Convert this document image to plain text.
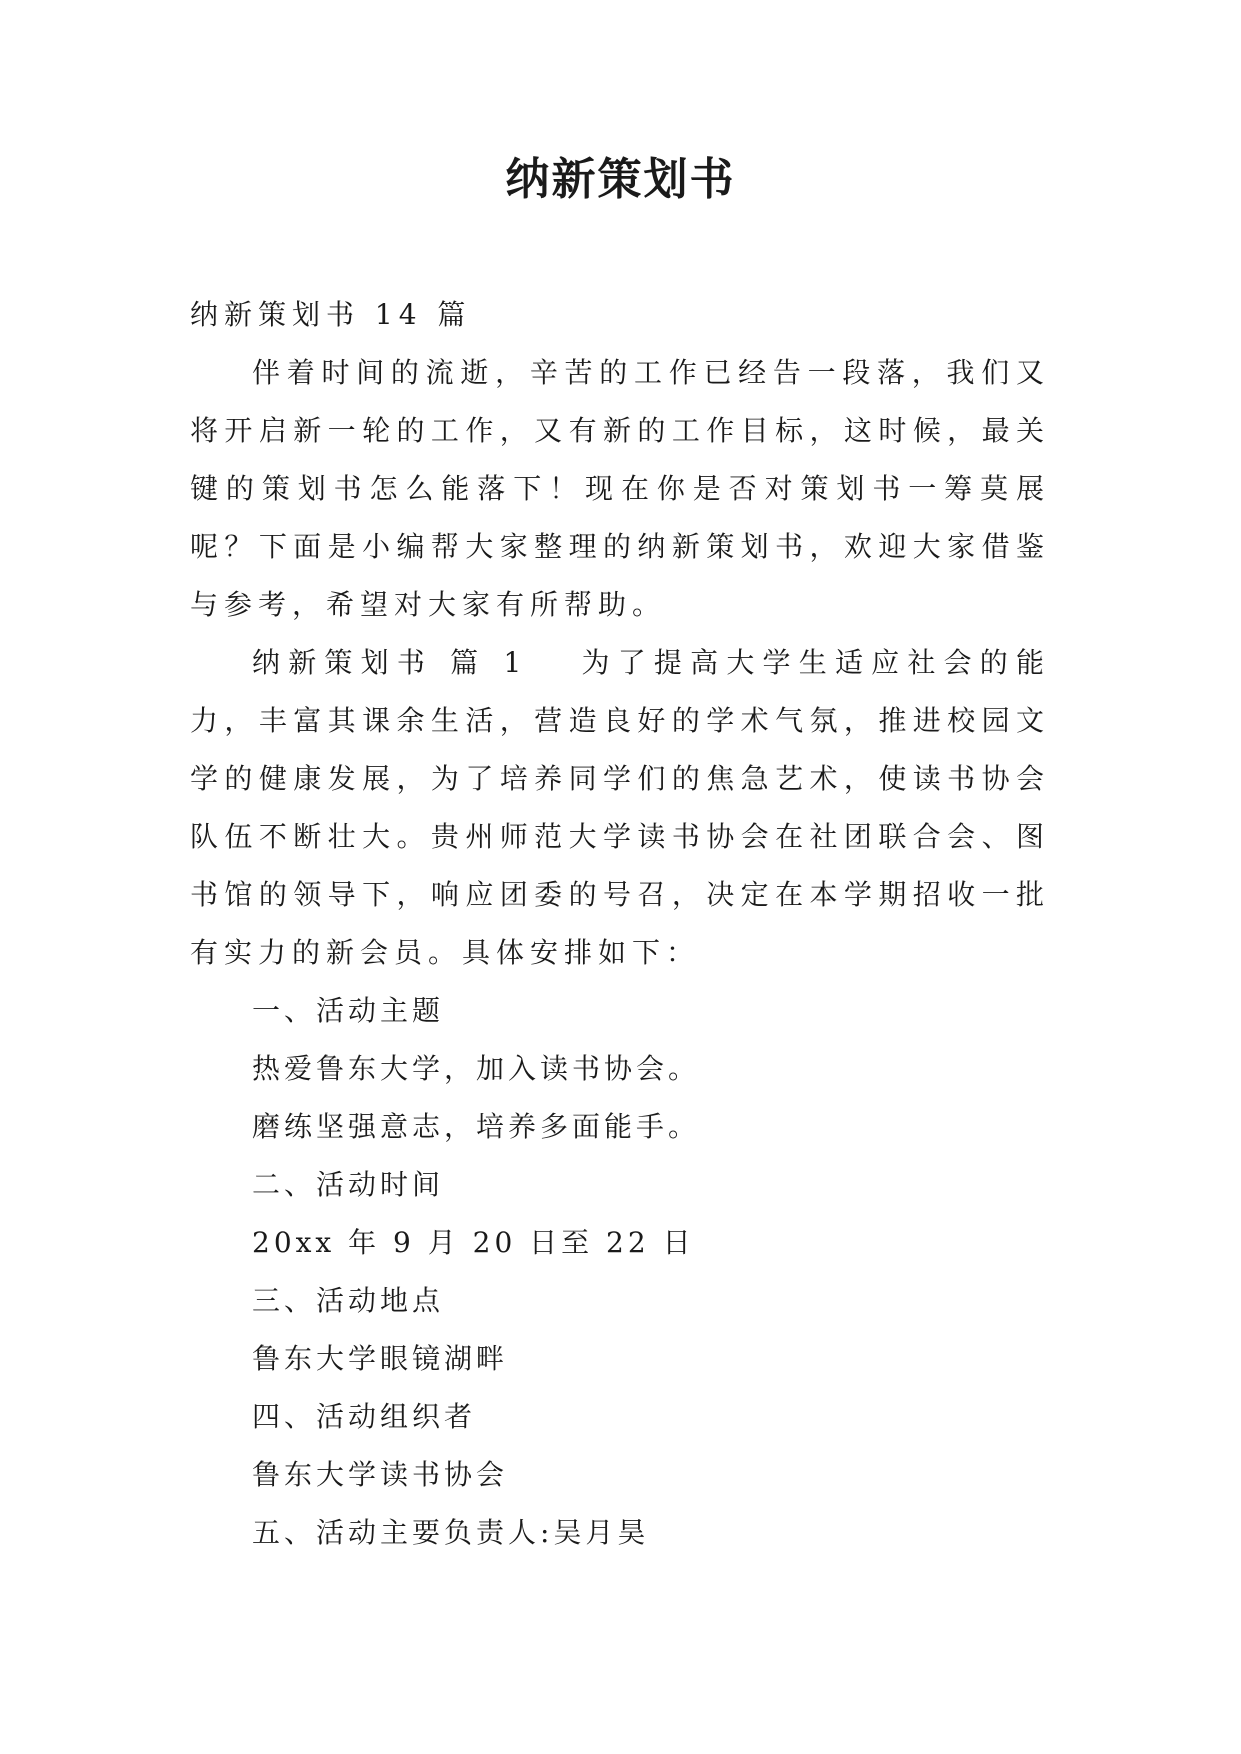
纳新策划书

纳新策划书 14 篇

伴着时间的流逝，辛苦的工作已经告一段落，我们又将开启新一轮的工作，又有新的工作目标，这时候，最关键的策划书怎么能落下！现在你是否对策划书一筹莫展呢？下面是小编帮大家整理的纳新策划书，欢迎大家借鉴与参考，希望对大家有所帮助。

纳新策划书 篇 1 为了提高大学生适应社会的能力，丰富其课余生活，营造良好的学术气氛，推进校园文学的健康发展，为了培养同学们的焦急艺术，使读书协会队伍不断壮大。贵州师范大学读书协会在社团联合会、图书馆的领导下，响应团委的号召，决定在本学期招收一批有实力的新会员。具体安排如下：

一、活动主题

热爱鲁东大学，加入读书协会。

磨练坚强意志，培养多面能手。

二、活动时间

20xx 年 9 月 20 日至 22 日

三、活动地点

鲁东大学眼镜湖畔

四、活动组织者

鲁东大学读书协会

五、活动主要负责人:吴月昊
